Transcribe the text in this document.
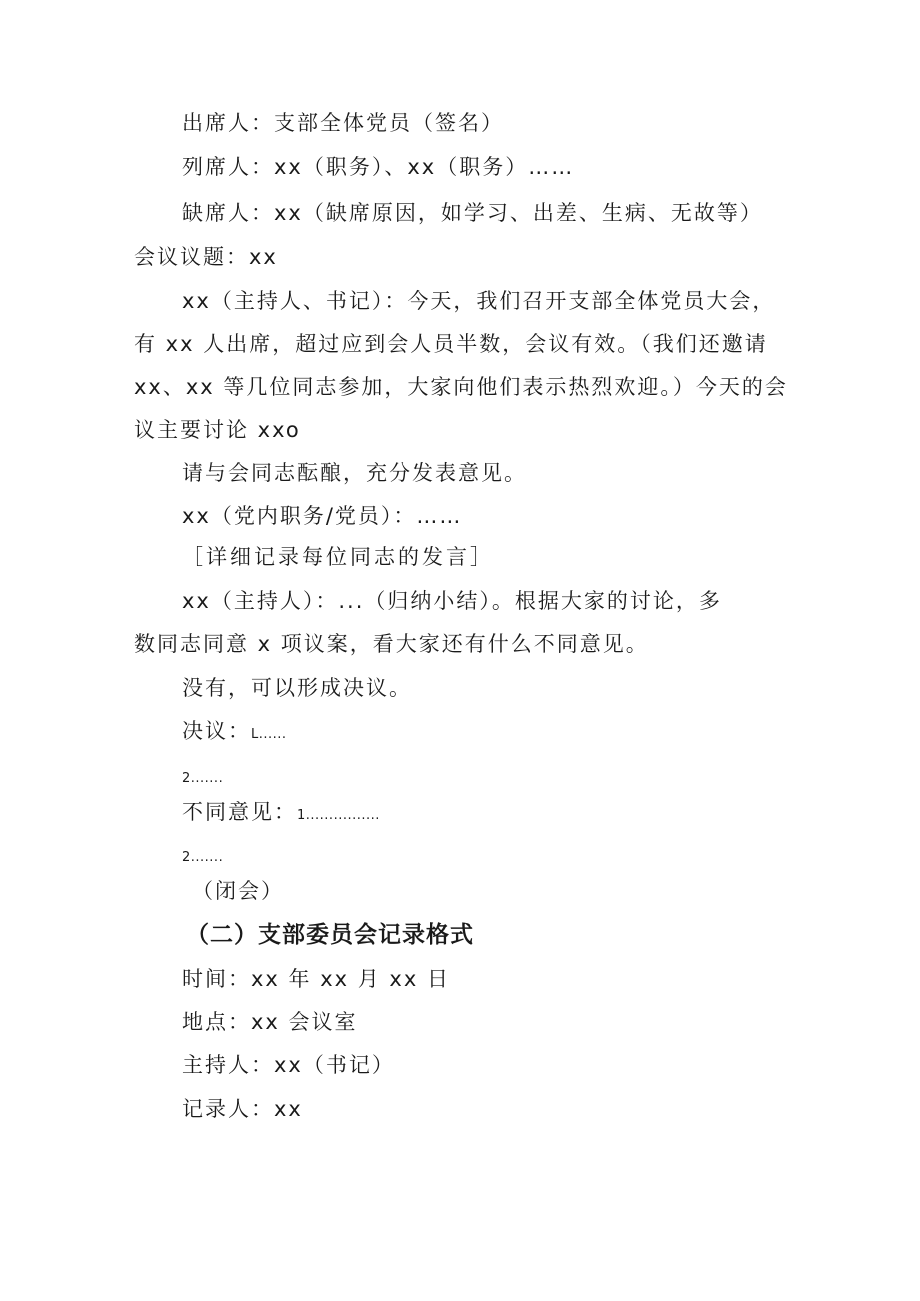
出席人：支部全体党员（签名）
列席人：xx（职务）、xx（职务）……
缺席人：xx（缺席原因，如学习、出差、生病、无故等）
会议议题：xx
xx（主持人、书记）：今天，我们召开支部全体党员大会，
有 xx 人出席，超过应到会人员半数，会议有效。（我们还邀请
xx、xx 等几位同志参加，大家向他们表示热烈欢迎。）今天的会
议主要讨论 xxo
请与会同志酝酿，充分发表意见。
xx（党内职务/党员）：……
［详细记录每位同志的发言］
xx（主持人）：...（归纳小结）。根据大家的讨论，多
数同志同意 x 项议案，看大家还有什么不同意见。
没有，可以形成决议。
决议：L......
2.......
不同意见：1................
2.......
（闭会）
（二）支部委员会记录格式
时间：xx 年 xx 月 xx 日
地点：xx 会议室
主持人：xx（书记）
记录人：xx
